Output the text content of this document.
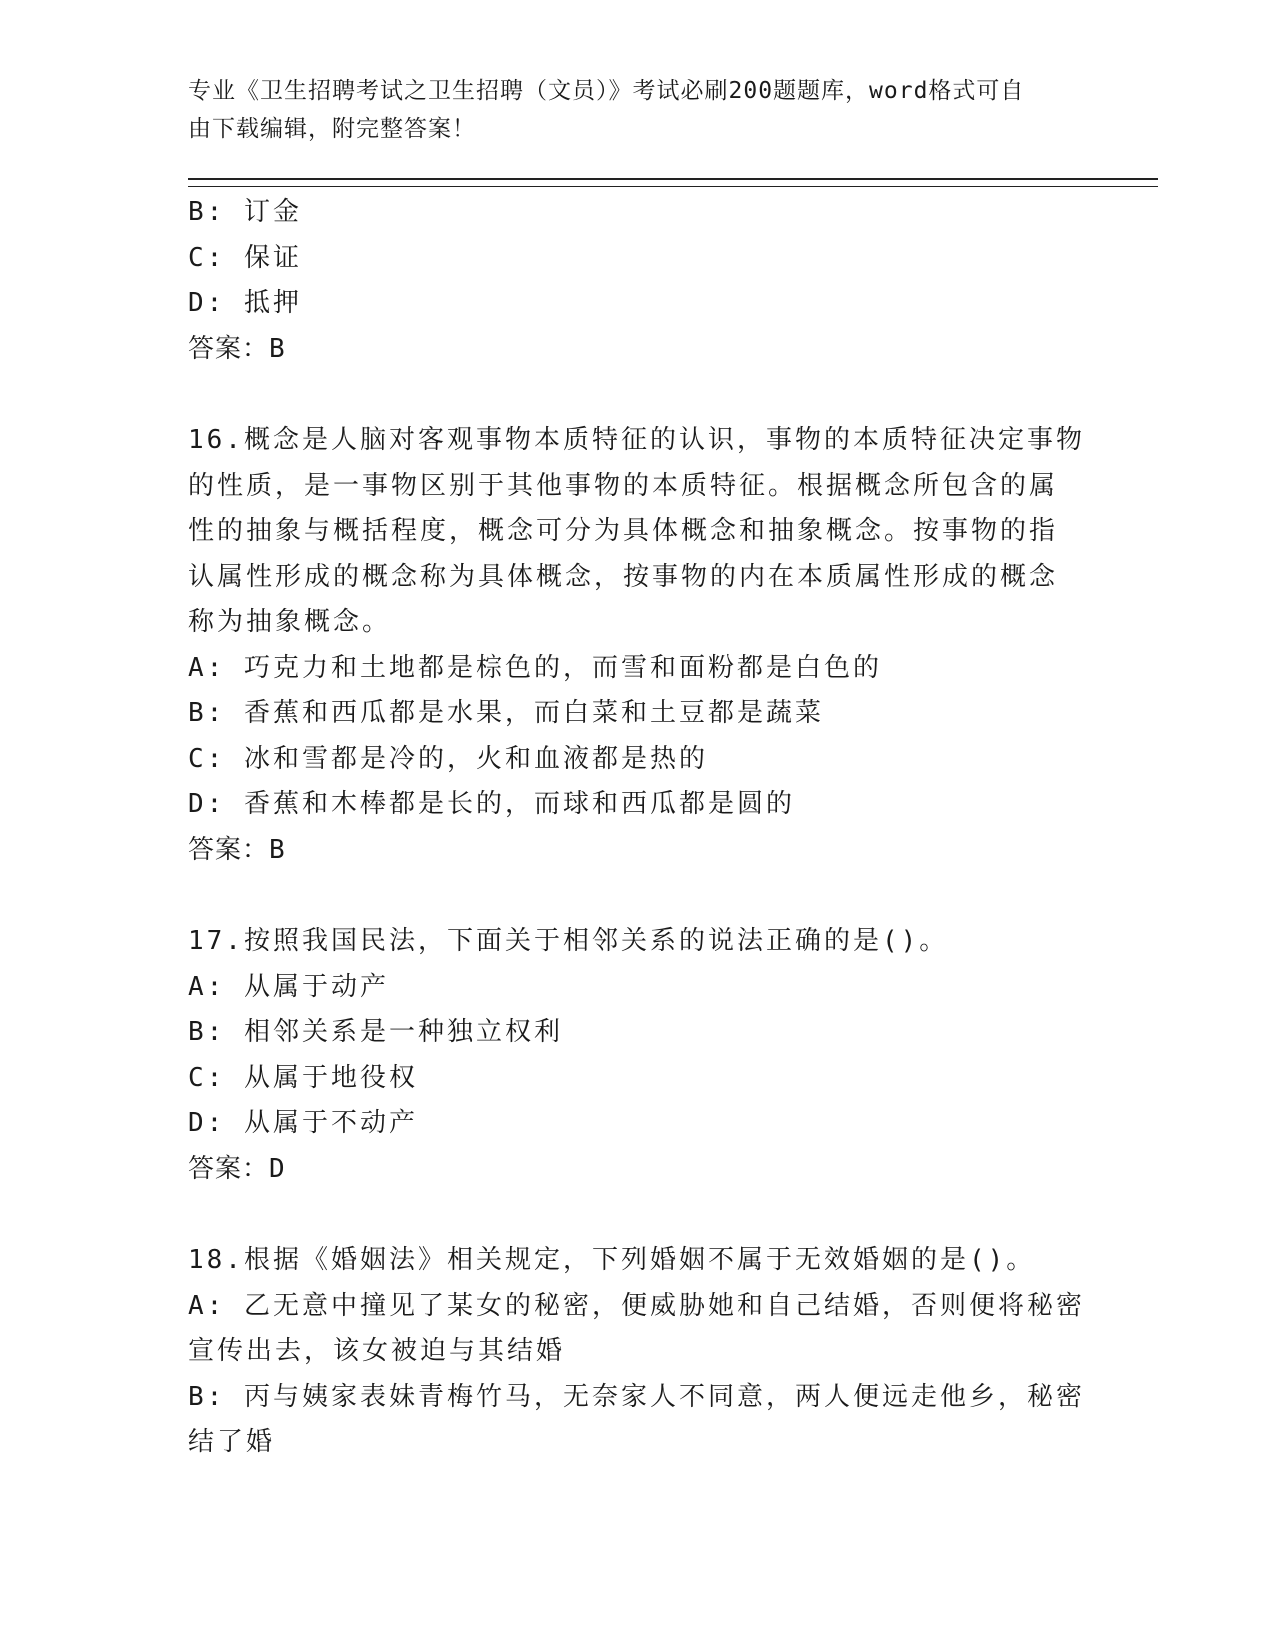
专业《卫生招聘考试之卫生招聘（文员）》考试必刷200题题库，word格式可自
由下载编辑，附完整答案！
B: 订金
C: 保证
D: 抵押
答案：B
16.概念是人脑对客观事物本质特征的认识，事物的本质特征决定事物
的性质，是一事物区别于其他事物的本质特征。根据概念所包含的属
性的抽象与概括程度，概念可分为具体概念和抽象概念。按事物的指
认属性形成的概念称为具体概念，按事物的内在本质属性形成的概念
称为抽象概念。
A: 巧克力和土地都是棕色的，而雪和面粉都是白色的
B: 香蕉和西瓜都是水果，而白菜和土豆都是蔬菜
C: 冰和雪都是冷的，火和血液都是热的
D: 香蕉和木棒都是长的，而球和西瓜都是圆的
答案：B
17.按照我国民法，下面关于相邻关系的说法正确的是()。
A: 从属于动产
B: 相邻关系是一种独立权利
C: 从属于地役权
D: 从属于不动产
答案：D
18.根据《婚姻法》相关规定，下列婚姻不属于无效婚姻的是()。
A: 乙无意中撞见了某女的秘密，便威胁她和自己结婚，否则便将秘密
宣传出去，该女被迫与其结婚
B: 丙与姨家表妹青梅竹马，无奈家人不同意，两人便远走他乡，秘密
结了婚
